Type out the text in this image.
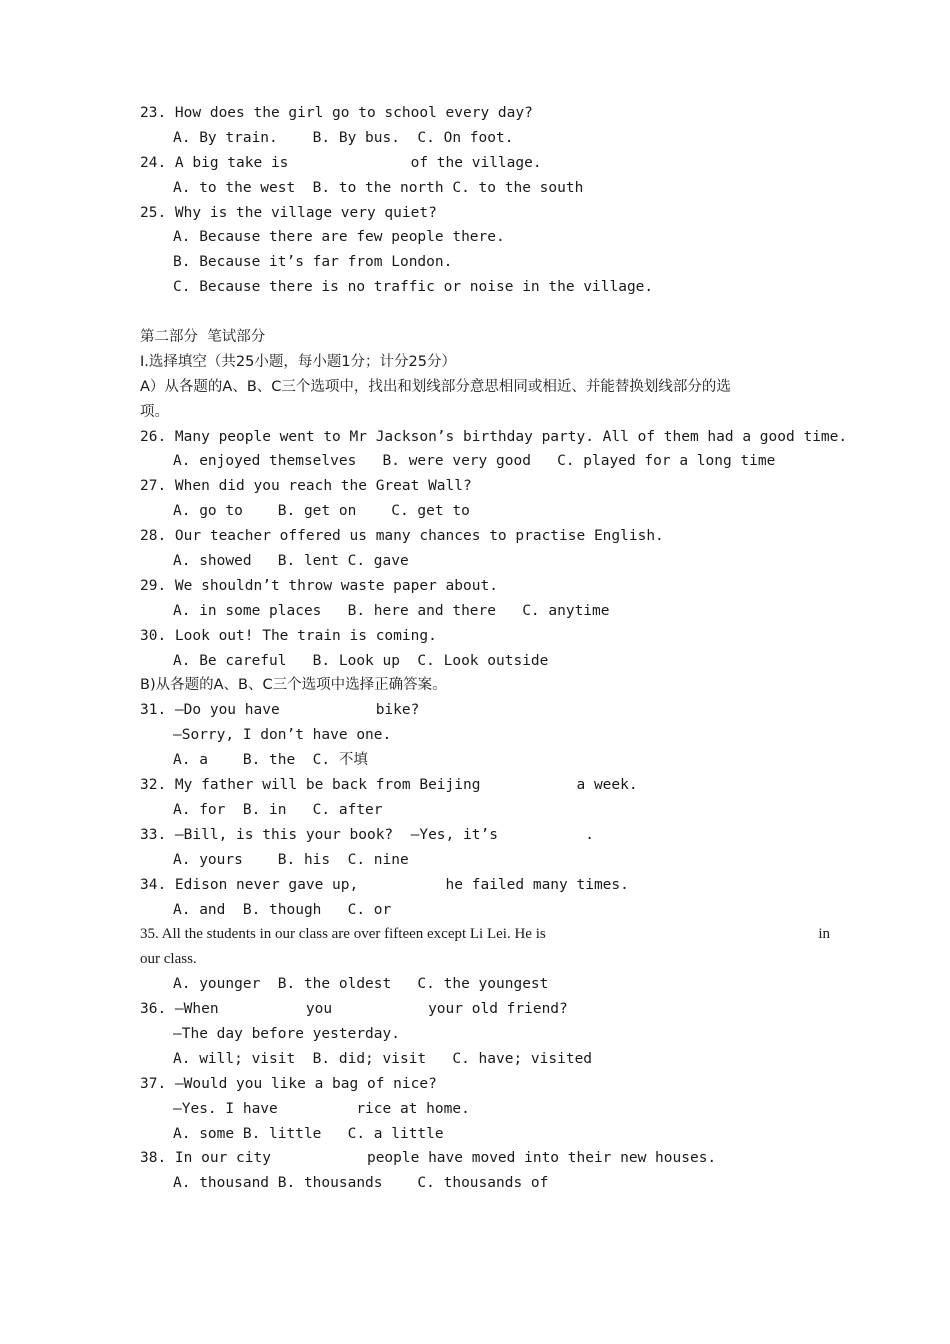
23. How does the girl go to school every day?
A. By train.    B. By bus.  C. On foot.
24. A big take is              of the village.
A. to the west  B. to the north C. to the south
25. Why is the village very quiet?
A. Because there are few people there.
B. Because it’s far from London.
C. Because there is no traffic or noise in the village.
第二部分  笔试部分
Ⅰ.选择填空（共25小题，每小题1分；计分25分）
A）从各题的A、B、C三个选项中，找出和划线部分意思相同或相近、并能替换划线部分的选
项。
26. Many people went to Mr Jackson’s birthday party. All of them had a good time.
A. enjoyed themselves   B. were very good   C. played for a long time
27. When did you reach the Great Wall?
A. go to    B. get on    C. get to
28. Our teacher offered us many chances to practise English.
A. showed   B. lent C. gave
29. We shouldn’t throw waste paper about.
A. in some places   B. here and there   C. anytime
30. Look out! The train is coming.
A. Be careful   B. Look up  C. Look outside
B)从各题的A、B、C三个选项中选择正确答案。
31. —Do you have           bike?
—Sorry, I don’t have one.
A. a    B. the  C. 不填
32. My father will be back from Beijing           a week.
A. for  B. in   C. after
33. —Bill, is this your book?  —Yes, it’s          .
A. yours    B. his  C. nine
34. Edison never gave up,          he failed many times.
A. and  B. though   C. or
35. All the students in our class are over fifteen except Li Lei. He is	in
our class.
A. younger  B. the oldest   C. the youngest
36. —When          you           your old friend?
—The day before yesterday.
A. will; visit  B. did; visit   C. have; visited
37. —Would you like a bag of nice?
—Yes. I have         rice at home.
A. some B. little   C. a little
38. In our city           people have moved into their new houses.
A. thousand B. thousands    C. thousands of
